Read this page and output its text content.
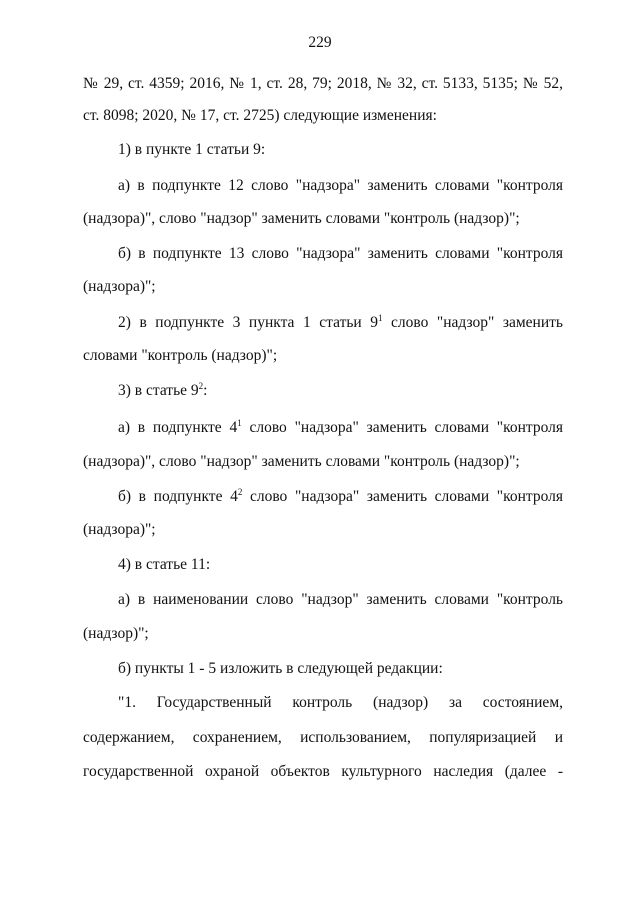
229
№ 29, ст. 4359; 2016, № 1, ст. 28, 79; 2018, № 32, ст. 5133, 5135; № 52,
ст. 8098; 2020, № 17, ст. 2725) следующие изменения:
1) в пункте 1 статьи 9:
а) в подпункте 12 слово "надзора" заменить словами "контроля
(надзора)", слово "надзор" заменить словами "контроль (надзор)";
б) в подпункте 13 слово "надзора" заменить словами "контроля
(надзора)";
2) в подпункте 3 пункта 1 статьи $9^1$ слово "надзор" заменить
словами "контроль (надзор)";
3) в статье $9^2$:
а) в подпункте $4^1$ слово "надзора" заменить словами "контроля
(надзора)", слово "надзор" заменить словами "контроль (надзор)";
б) в подпункте $4^2$ слово "надзора" заменить словами "контроля
(надзора)";
4) в статье 11:
а) в наименовании слово "надзор" заменить словами "контроль
(надзор)";
б) пункты 1 - 5 изложить в следующей редакции:
"1. Государственный контроль (надзор) за состоянием,
содержанием, сохранением, использованием, популяризацией и
государственной охраной объектов культурного наследия (далее -
